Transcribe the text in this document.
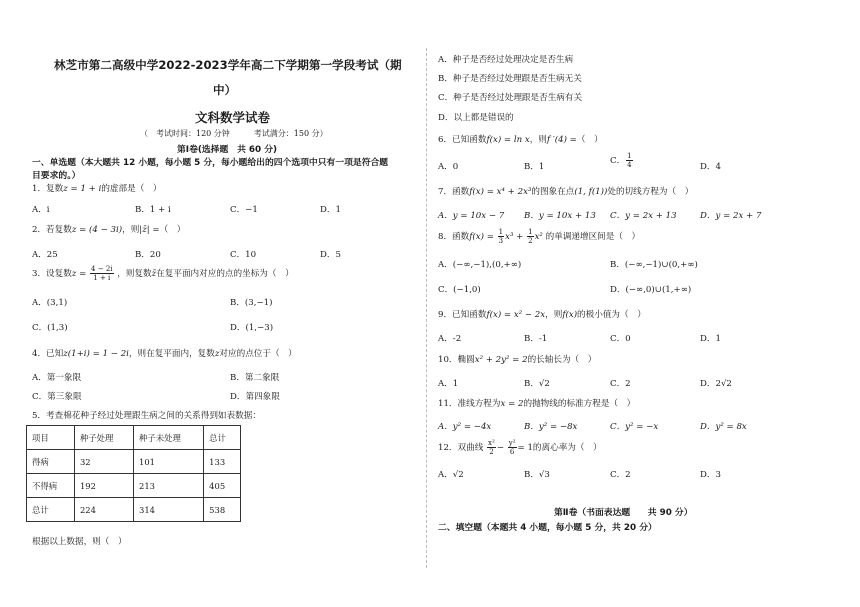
林芝市第二高级中学2022-2023学年高二下学期第一学段考试（期
中）
文科数学试卷
（　考试时间：120 分钟　　　考试满分：150 分）
第Ⅰ卷(选择题　共 60 分)
一、单选题（本大题共 12 小题，每小题 5 分，每小题给出的四个选项中只有一项是符合题
目要求的。）
1．复数z = 1 + i的虚部是（　）
A．i	B．1 + i	C．−1	D．1
2．若复数z = (4 − 3i)，则|z̄| =（　）
A．25	B．20	C．10	D．5
3．设复数$z = \frac{4 - 2i}{1 + i}$ ，则复数z̄在复平面内对应的点的坐标为（　）
A．(3,1)	B．(3,−1)
C．(1,3)	D．(1,−3)
4．已知z(1+i) = 1 − 2i，则在复平面内，复数z对应的点位于（　）
A．第一象限	B．第二象限
C．第三象限	D．第四象限
5．考查棉花种子经过处理跟生病之间的关系得到如表数据：
项目	种子处理	种子未处理	总计
得病	32	101	133
不得病	192	213	405
总计	224	314	538
根据以上数据，则（　）
A．种子是否经过处理决定是否生病
B．种子是否经过处理跟是否生病无关
C．种子是否经过处理跟是否生病有关
D．以上都是错误的
6．已知函数f(x) = ln x，则f ′(4) =（　）
A．0	B．1
C． $\frac{1}{4}$	D．4
7．函数f(x) = x⁴ + 2x³的图象在点(1, f(1))处的切线方程为（　）
A．y = 10x − 7 B．y = 10x + 13 C．y = 2x + 13	D．y = 2x + 7
8．函数$f(x) = \frac{1}{3} x^3 + \frac{1}{2} x^2$ 的单调递增区间是（　）
A．(−∞,−1),(0,+∞)	B．(−∞,−1)∪(0,+∞)
C．(−1,0)	D．(−∞,0)∪(1,+∞)
9．已知函数f(x) = x² − 2x，则f(x)的极小值为（　）
A．-2	B．-1	C．0	D．1
10．椭圆x² + 2y² = 2的长轴长为（　）
A．1	B．√2	C．2	D．2√2
11．准线方程为x = 2的抛物线的标准方程是（　）
A．y² = −4x	B．y² = −8x	C．y² = −x	D．y² = 8x
12．双曲线 $\frac{\text{x²}}{2} - \frac{\text{y²}}{6} = 1$的离心率为（　）
A．√2	B．√3	C．2	D．3
第Ⅱ卷（书面表达题　　共 90 分）
二、填空题（本题共 4 小题，每小题 5 分，共 20 分）
